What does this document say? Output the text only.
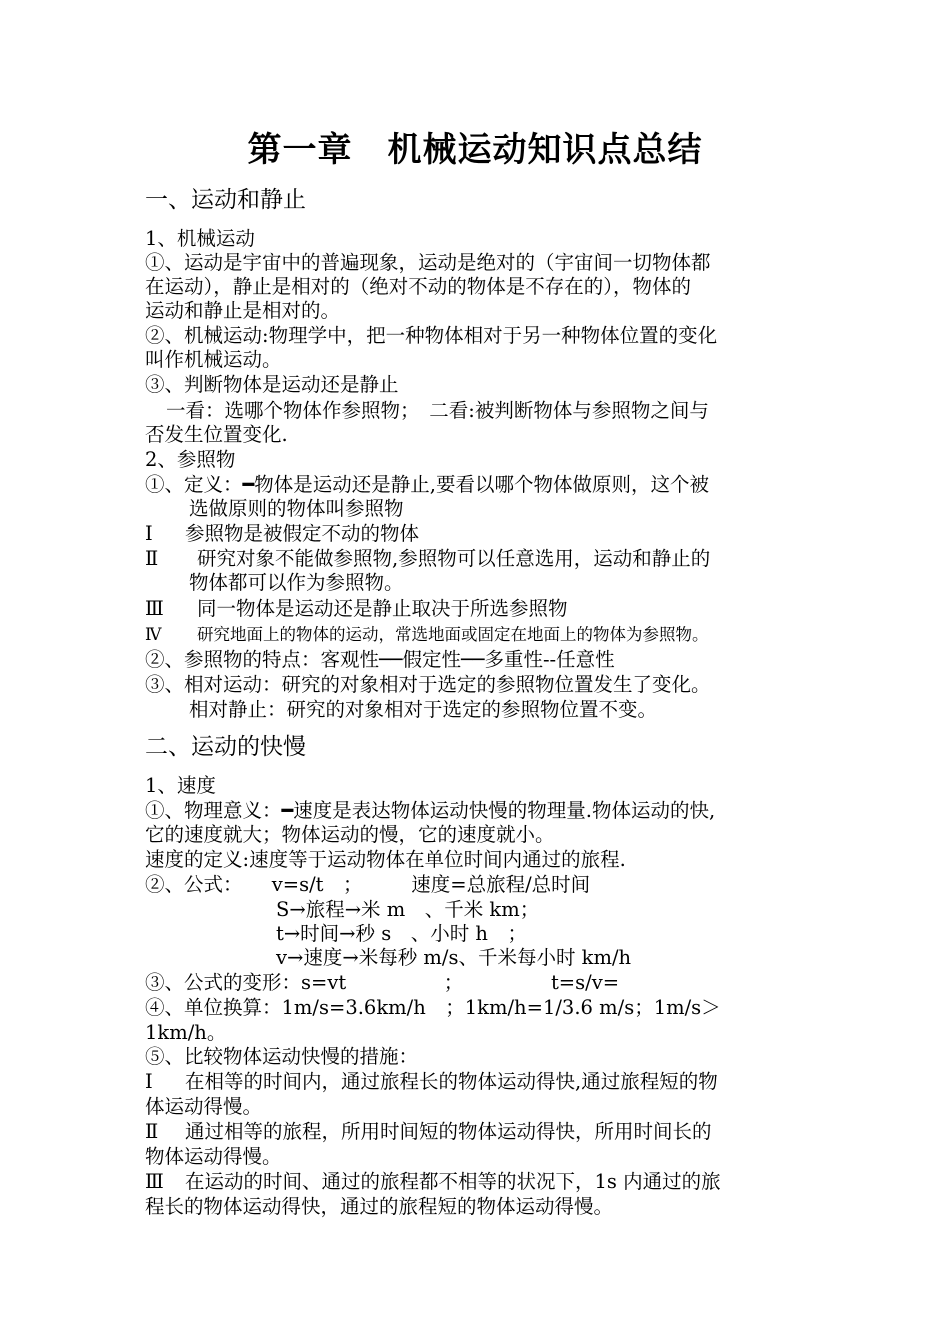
第一章　机械运动知识点总结
一、运动和静止
1、机械运动
①、运动是宇宙中的普遍现象，运动是绝对的（宇宙间一切物体都
在运动），静止是相对的（绝对不动的物体是不存在的），物体的
运动和静止是相对的。
②、机械运动:物理学中，把一种物体相对于另一种物体位置的变化
叫作机械运动。
③、判断物体是运动还是静止
一看：选哪个物体作参照物；　二看:被判断物体与参照物之间与
否发生位置变化.
2、参照物
①、定义：━物体是运动还是静止,要看以哪个物体做原则，这个被
选做原则的物体叫参照物
Ⅰ 参照物是被假定不动的物体
Ⅱ 研究对象不能做参照物,参照物可以任意选用，运动和静止的
物体都可以作为参照物。
Ⅲ 同一物体是运动还是静止取决于所选参照物
Ⅳ 研究地面上的物体的运动，常选地面或固定在地面上的物体为参照物。
②、参照物的特点：客观性──假定性──多重性--任意性
③、相对运动：研究的对象相对于选定的参照物位置发生了变化。
相对静止：研究的对象相对于选定的参照物位置不变。
二、运动的快慢
1、速度
①、物理意义：━速度是表达物体运动快慢的物理量.物体运动的快,
它的速度就大；物体运动的慢，它的速度就小。
速度的定义:速度等于运动物体在单位时间内通过的旅程.
②、公式：　　v=s/t　；　　　速度=总旅程/总时间
S→旅程→米 m　、千米 km；
t→时间→秒 s　、小时 h　；
v→速度→米每秒 m/s、千米每小时 km/h
③、公式的变形：s=vt　　　　　；　　　　　t=s/v=
④、单位换算：1m/s=3.6km/h　；1km/h=1/3.6 m/s；1m/s＞
1km/h。
⑤、比较物体运动快慢的措施：
Ⅰ 在相等的时间内，通过旅程长的物体运动得快,通过旅程短的物
体运动得慢。
Ⅱ 通过相等的旅程，所用时间短的物体运动得快，所用时间长的
物体运动得慢。
Ⅲ 在运动的时间、通过的旅程都不相等的状况下，1s 内通过的旅
程长的物体运动得快，通过的旅程短的物体运动得慢。
